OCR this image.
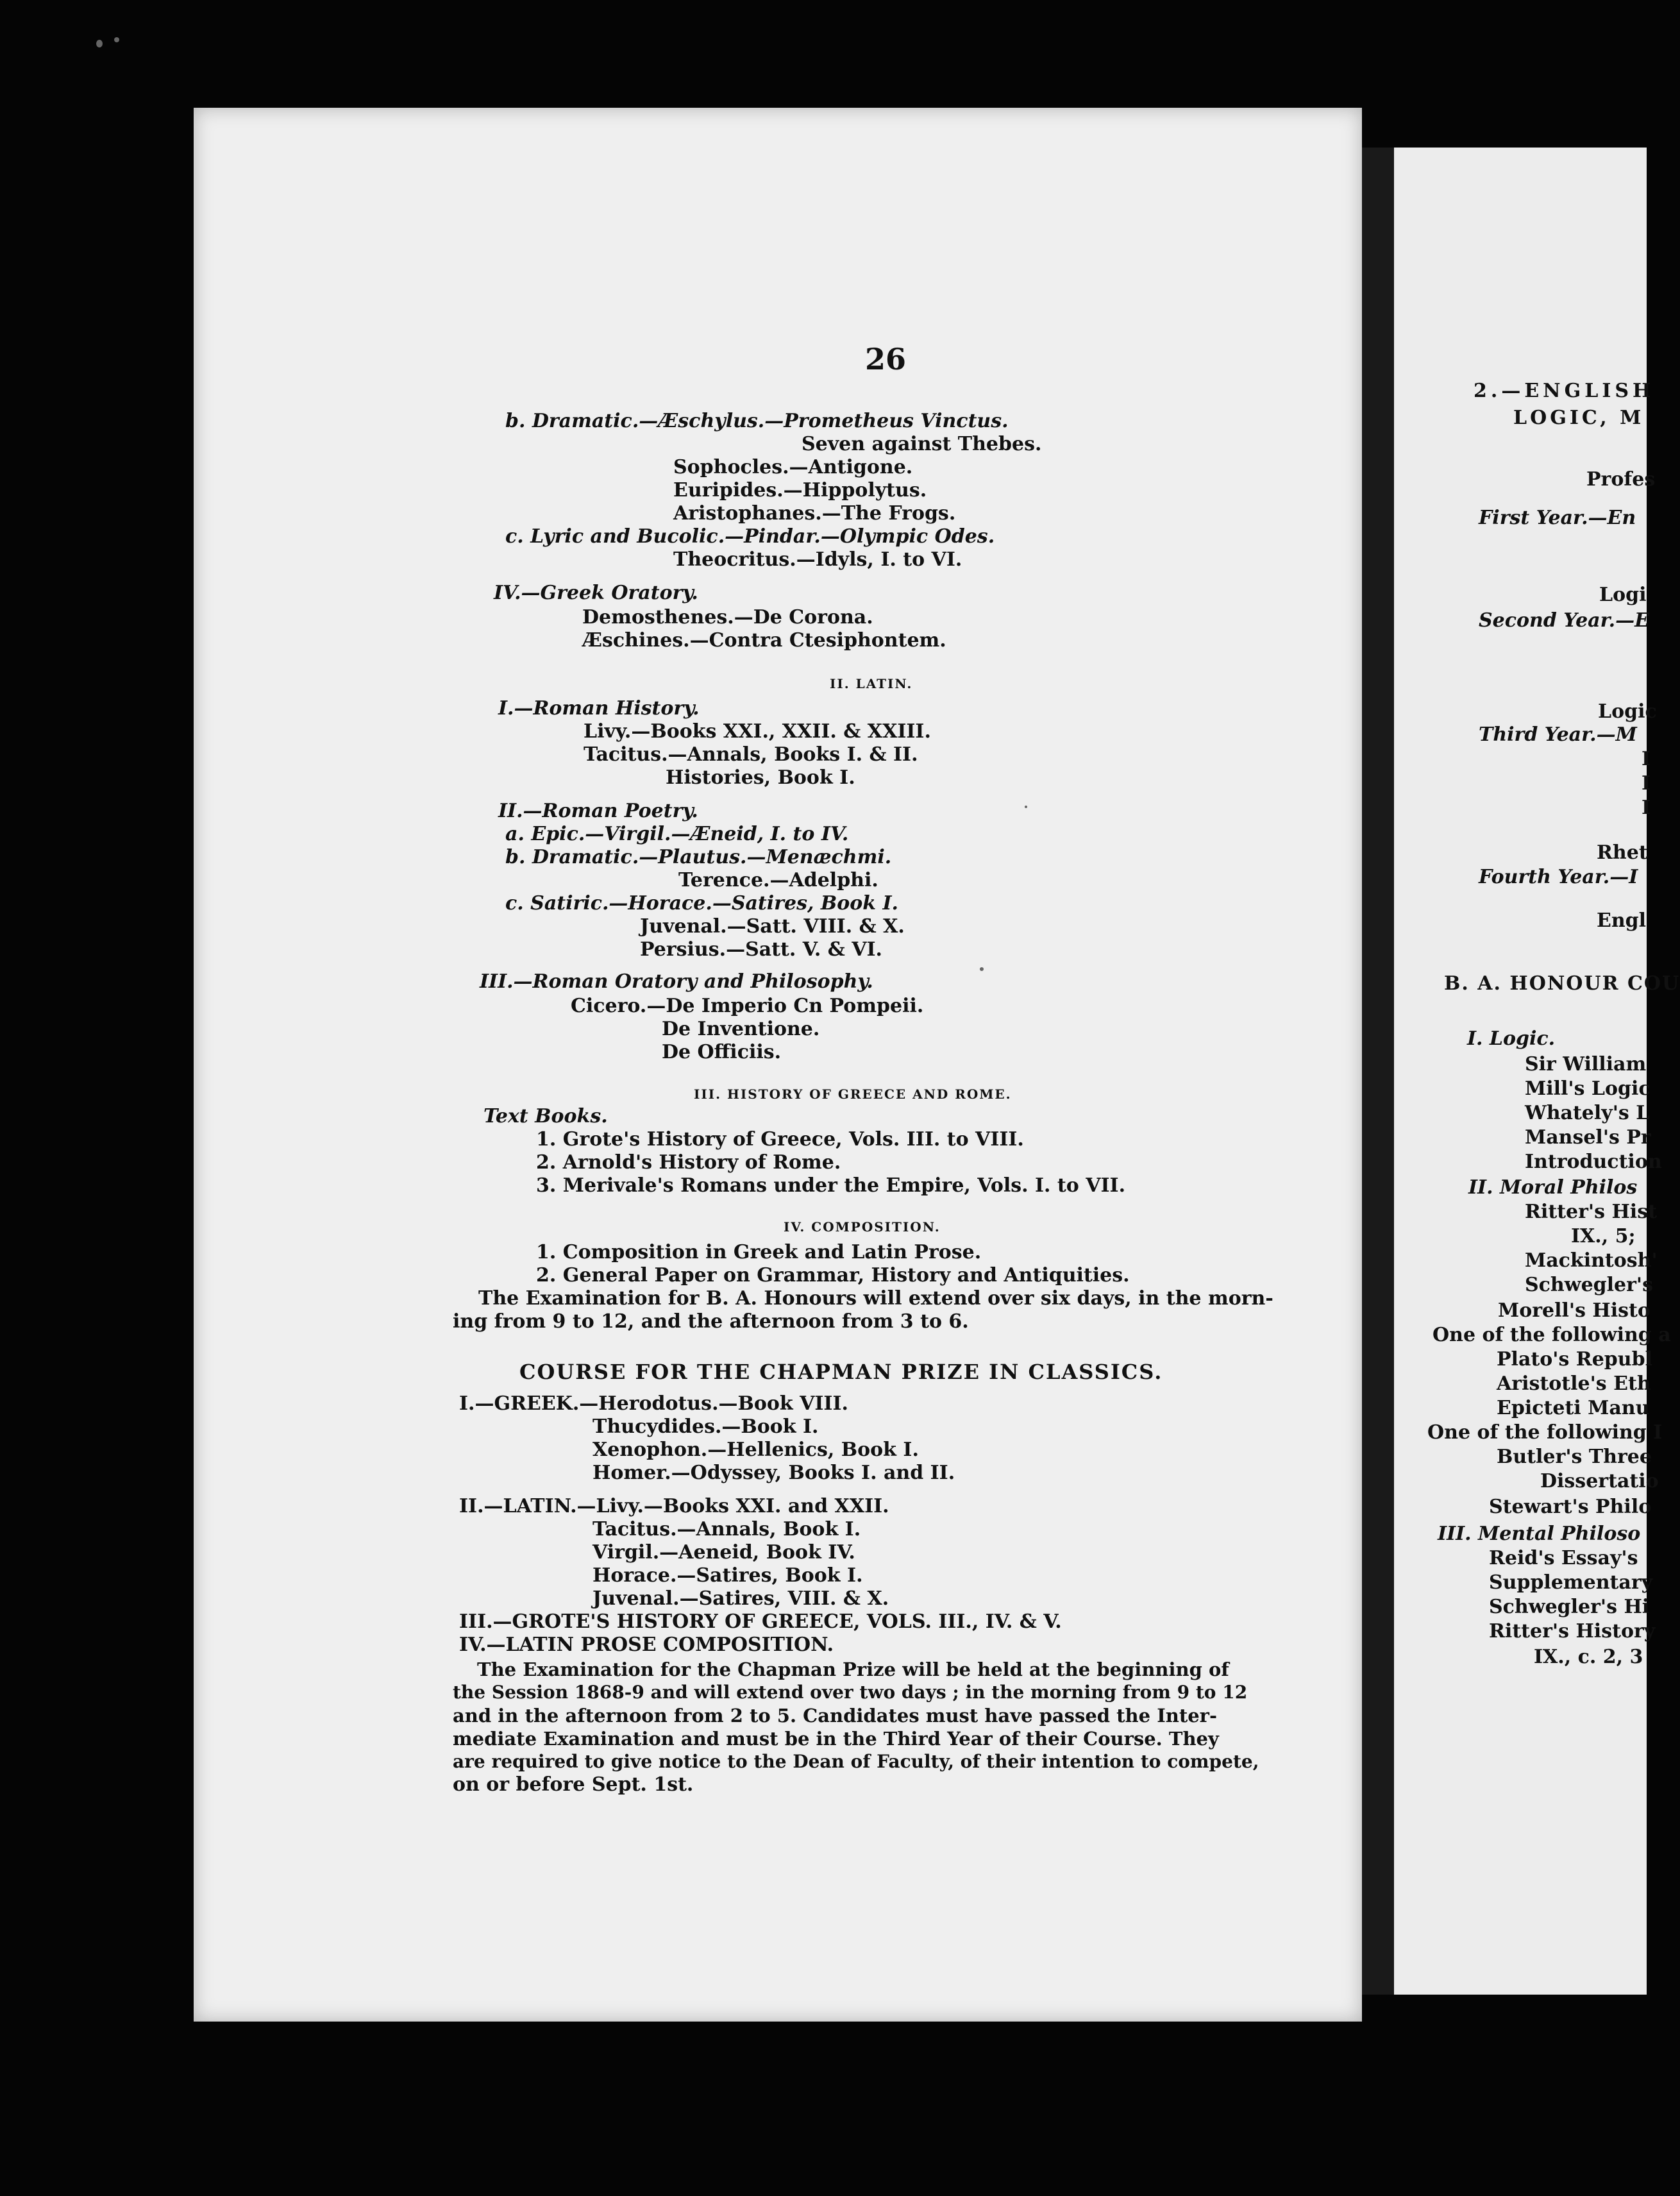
26
b. Dramatic.—Æschylus.—Prometheus Vinctus.
Seven against Thebes.
Sophocles.—Antigone.
Euripides.—Hippolytus.
Aristophanes.—The Frogs.
c. Lyric and Bucolic.—Pindar.—Olympic Odes.
Theocritus.—Idyls, I. to VI.
IV.—Greek Oratory.
Demosthenes.—De Corona.
Æschines.—Contra Ctesiphontem.
II. LATIN.
I.—Roman History.
Livy.—Books XXI., XXII. & XXIII.
Tacitus.—Annals, Books I. & II.
Histories, Book I.
II.—Roman Poetry.
a. Epic.—Virgil.—Æneid, I. to IV.
b. Dramatic.—Plautus.—Menæchmi.
Terence.—Adelphi.
c. Satiric.—Horace.—Satires, Book I.
Juvenal.—Satt. VIII. & X.
Persius.—Satt. V. & VI.
III.—Roman Oratory and Philosophy.
Cicero.—De Imperio Cn Pompeii.
De Inventione.
De Officiis.
III. HISTORY OF GREECE AND ROME.
Text Books.
1. Grote's History of Greece, Vols. III. to VIII.
2. Arnold's History of Rome.
3. Merivale's Romans under the Empire, Vols. I. to VII.
IV. COMPOSITION.
1. Composition in Greek and Latin Prose.
2. General Paper on Grammar, History and Antiquities.
The Examination for B. A. Honours will extend over six days, in the morn-
ing from 9 to 12, and the afternoon from 3 to 6.
COURSE FOR THE CHAPMAN PRIZE IN CLASSICS.
I.—GREEK.—Herodotus.—Book VIII.
Thucydides.—Book I.
Xenophon.—Hellenics, Book I.
Homer.—Odyssey, Books I. and II.
II.—LATIN.—Livy.—Books XXI. and XXII.
Tacitus.—Annals, Book I.
Virgil.—Aeneid, Book IV.
Horace.—Satires, Book I.
Juvenal.—Satires, VIII. & X.
III.—GROTE'S HISTORY OF GREECE, VOLS. III., IV. & V.
IV.—LATIN PROSE COMPOSITION.
The Examination for the Chapman Prize will be held at the beginning of
the Session 1868-9 and will extend over two days ; in the morning from 9 to 12
and in the afternoon from 2 to 5. Candidates must have passed the Inter-
mediate Examination and must be in the Third Year of their Course. They
are required to give notice to the Dean of Faculty, of their intention to compete,
on or before Sept. 1st.
2.—ENGLISH
LOGIC, M
Profes
First Year.—En
Logi
Second Year.—E
Logic
Third Year.—M
I
I
I
Rhet
Fourth Year.—I
Engl
B. A. HONOUR COU
I. Logic.
Sir William
Mill's Logic
Whately's L
Mansel's Pr
Introduction
II. Moral Philos
Ritter's Hist
IX., 5;
Mackintosh'
Schwegler's
Morell's Histo
One of the following a
Plato's Republ
Aristotle's Eth
Epicteti Manu
One of the following I
Butler's Three
Dissertatio
Stewart's Philo
III. Mental Philoso
Reid's Essay's
Supplementary
Schwegler's Hi
Ritter's History
IX., c. 2, 3
